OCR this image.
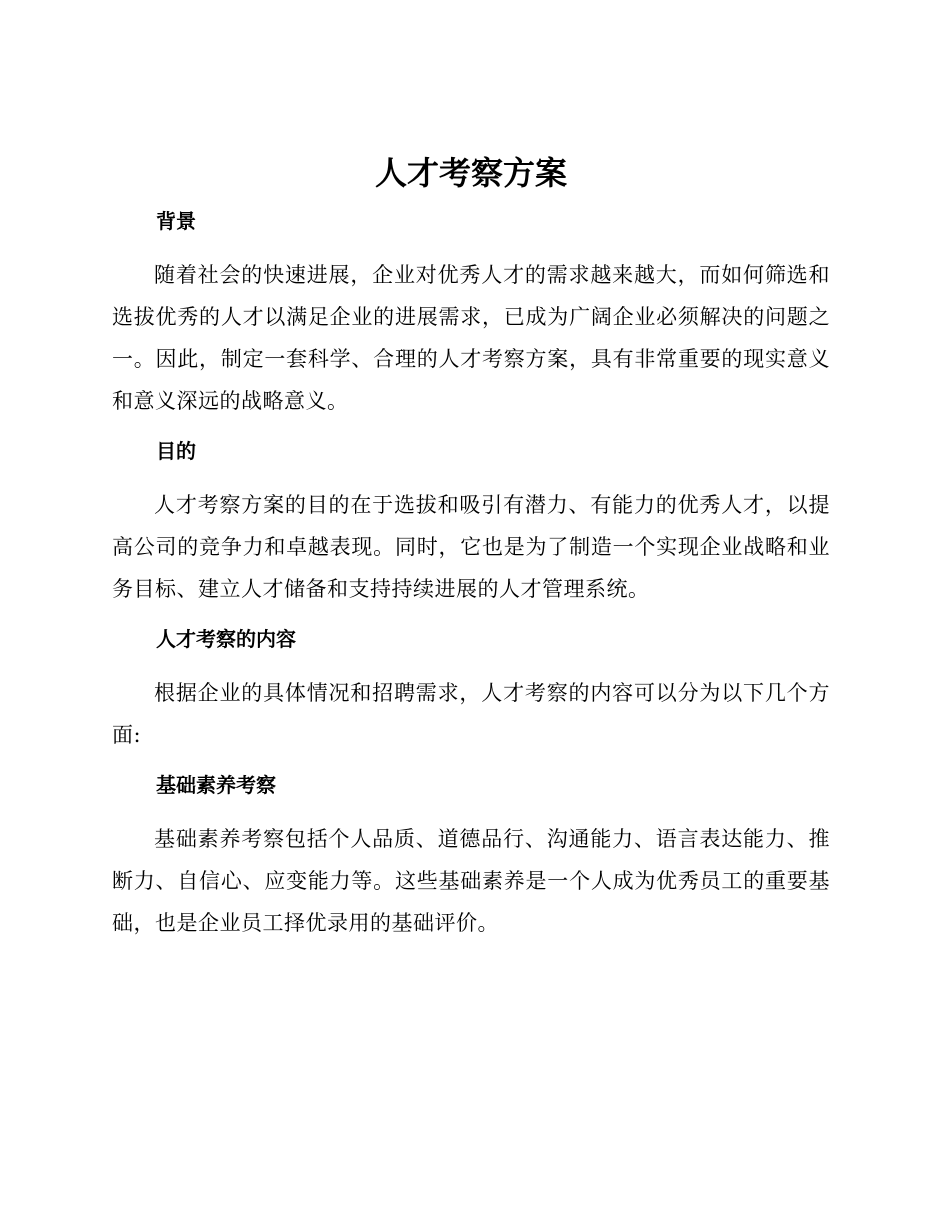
人才考察方案
背景

随着社会的快速进展，企业对优秀人才的需求越来越大，而如何筛选和选拔优秀的人才以满足企业的进展需求，已成为广阔企业必须解决的问题之一。因此，制定一套科学、合理的人才考察方案，具有非常重要的现实意义和意义深远的战略意义。

目的

人才考察方案的目的在于选拔和吸引有潜力、有能力的优秀人才，以提高公司的竞争力和卓越表现。同时，它也是为了制造一个实现企业战略和业务目标、建立人才储备和支持持续进展的人才管理系统。

人才考察的内容

根据企业的具体情况和招聘需求，人才考察的内容可以分为以下几个方面:

基础素养考察

基础素养考察包括个人品质、道德品行、沟通能力、语言表达能力、推断力、自信心、应变能力等。这些基础素养是一个人成为优秀员工的重要基础，也是企业员工择优录用的基础评价。
